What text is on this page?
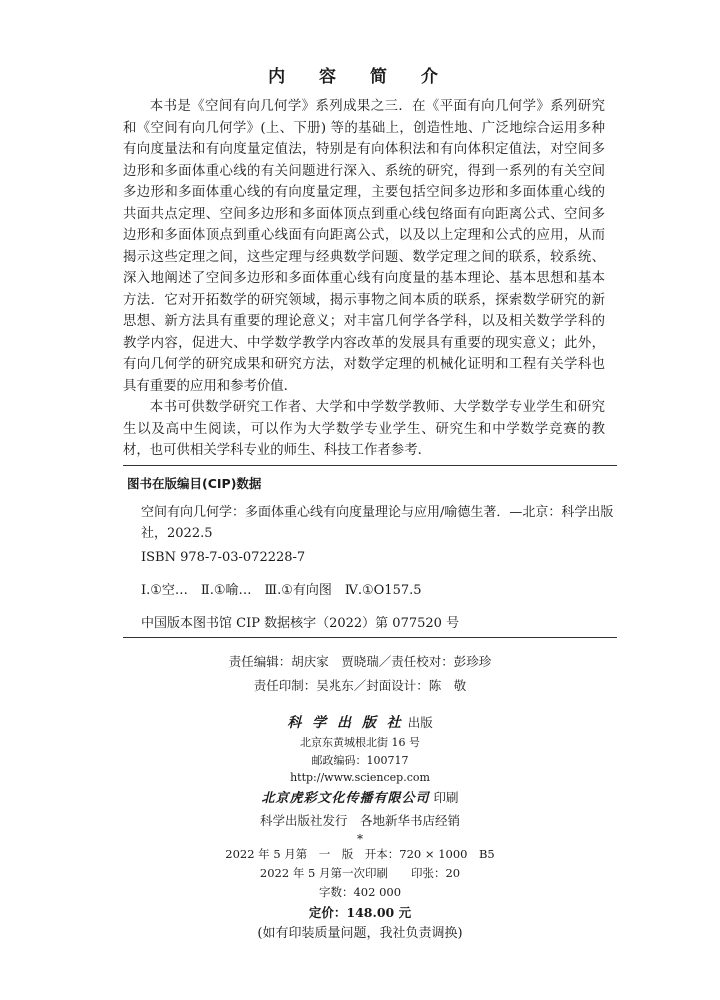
内 容 简 介

本书是《空间有向几何学》系列成果之三．在《平面有向几何学》系列研究和《空间有向几何学》(上、下册) 等的基础上，创造性地、广泛地综合运用多种有向度量法和有向度量定值法，特别是有向体积法和有向体积定值法，对空间多边形和多面体重心线的有关问题进行深入、系统的研究，得到一系列的有关空间多边形和多面体重心线的有向度量定理，主要包括空间多边形和多面体重心线的共面共点定理、空间多边形和多面体顶点到重心线包络面有向距离公式、空间多边形和多面体顶点到重心线面有向距离公式，以及以上定理和公式的应用，从而揭示这些定理之间，这些定理与经典数学问题、数学定理之间的联系，较系统、深入地阐述了空间多边形和多面体重心线有向度量的基本理论、基本思想和基本方法．它对开拓数学的研究领域，揭示事物之间本质的联系，探索数学研究的新思想、新方法具有重要的理论意义；对丰富几何学各学科，以及相关数学学科的教学内容，促进大、中学数学教学内容改革的发展具有重要的现实意义；此外，有向几何学的研究成果和研究方法，对数学定理的机械化证明和工程有关学科也具有重要的应用和参考价值．

本书可供数学研究工作者、大学和中学数学教师、大学数学专业学生和研究生以及高中生阅读，可以作为大学数学专业学生、研究生和中学数学竞赛的教材，也可供相关学科专业的师生、科技工作者参考．

图书在版编目(CIP)数据
空间有向几何学：多面体重心线有向度量理论与应用/喻德生著．—北京：科学出版社，2022.5
ISBN 978-7-03-072228-7
Ⅰ.①空…　Ⅱ.①喻…　Ⅲ.①有向图　Ⅳ.①O157.5
中国版本图书馆 CIP 数据核字（2022）第 077520 号
责任编辑：胡庆家　贾晓瑞／责任校对：彭珍珍
责任印制：吴兆东／封面设计：陈　敬
科 学 出 版 社 出版
北京东黄城根北街 16 号
邮政编码：100717
http://www.sciencep.com
北京虎彩文化传播有限公司 印刷
科学出版社发行　各地新华书店经销
*
2022 年 5 月第　一　版　开本：720 × 1000　B5
2022 年 5 月第一次印刷　　印张：20
字数：402 000
定价：148.00 元
(如有印装质量问题，我社负责调换)
